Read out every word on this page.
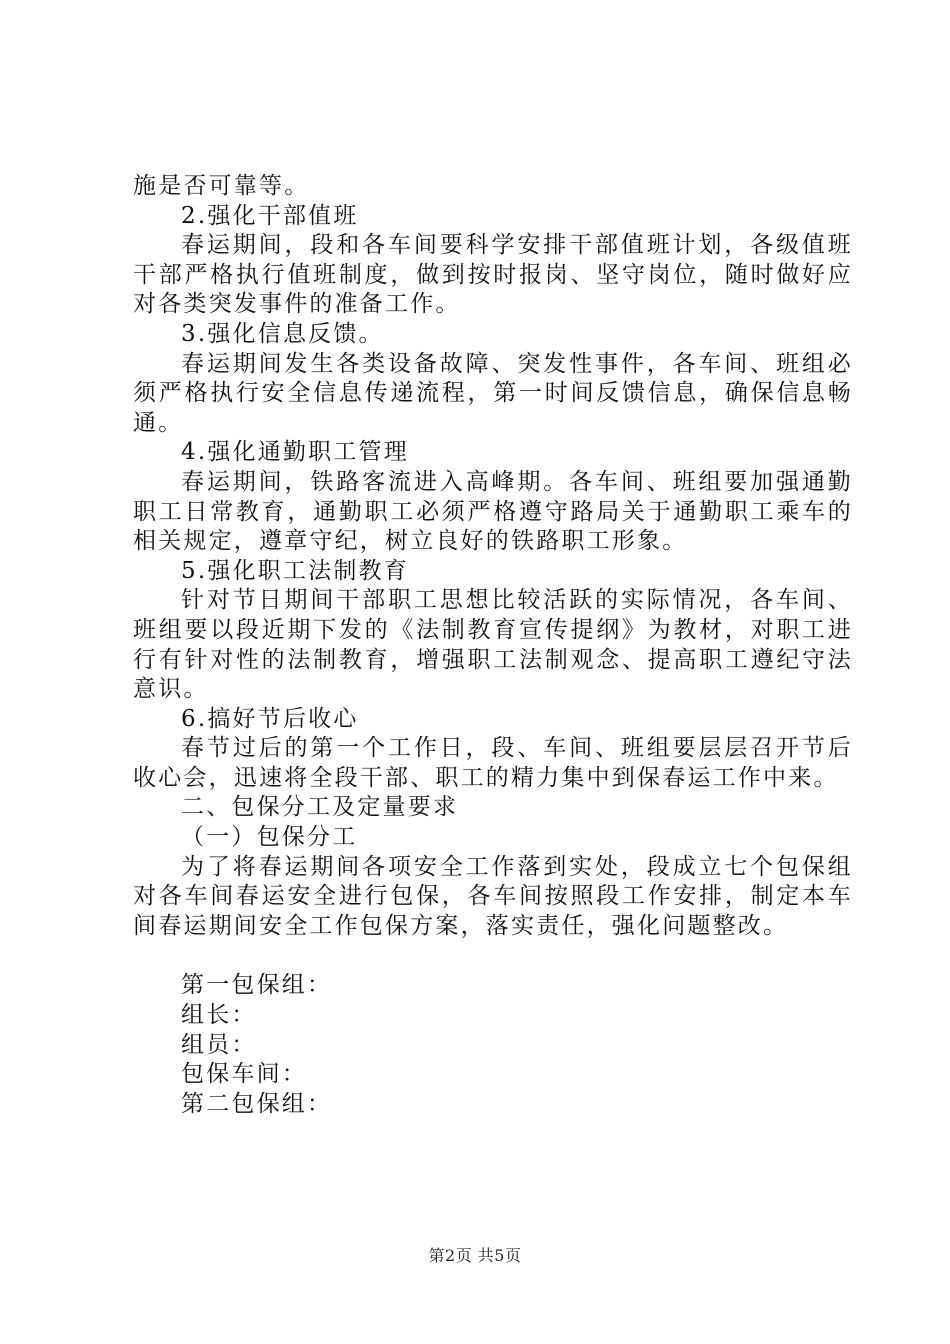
施是否可靠等。

2.强化干部值班

春运期间，段和各车间要科学安排干部值班计划，各级值班干部严格执行值班制度，做到按时报岗、坚守岗位，随时做好应对各类突发事件的准备工作。

3.强化信息反馈。

春运期间发生各类设备故障、突发性事件，各车间、班组必须严格执行安全信息传递流程，第一时间反馈信息，确保信息畅通。

4.强化通勤职工管理

春运期间，铁路客流进入高峰期。各车间、班组要加强通勤职工日常教育，通勤职工必须严格遵守路局关于通勤职工乘车的相关规定，遵章守纪，树立良好的铁路职工形象。

5.强化职工法制教育

针对节日期间干部职工思想比较活跃的实际情况，各车间、班组要以段近期下发的《法制教育宣传提纲》为教材，对职工进行有针对性的法制教育，增强职工法制观念、提高职工遵纪守法意识。

6.搞好节后收心

春节过后的第一个工作日，段、车间、班组要层层召开节后收心会，迅速将全段干部、职工的精力集中到保春运工作中来。

二、包保分工及定量要求

（一）包保分工

为了将春运期间各项安全工作落到实处，段成立七个包保组对各车间春运安全进行包保，各车间按照段工作安排，制定本车间春运期间安全工作包保方案，落实责任，强化问题整改。

第一包保组：

组长：

组员：

包保车间：

第二包保组：

第2页 共5页
